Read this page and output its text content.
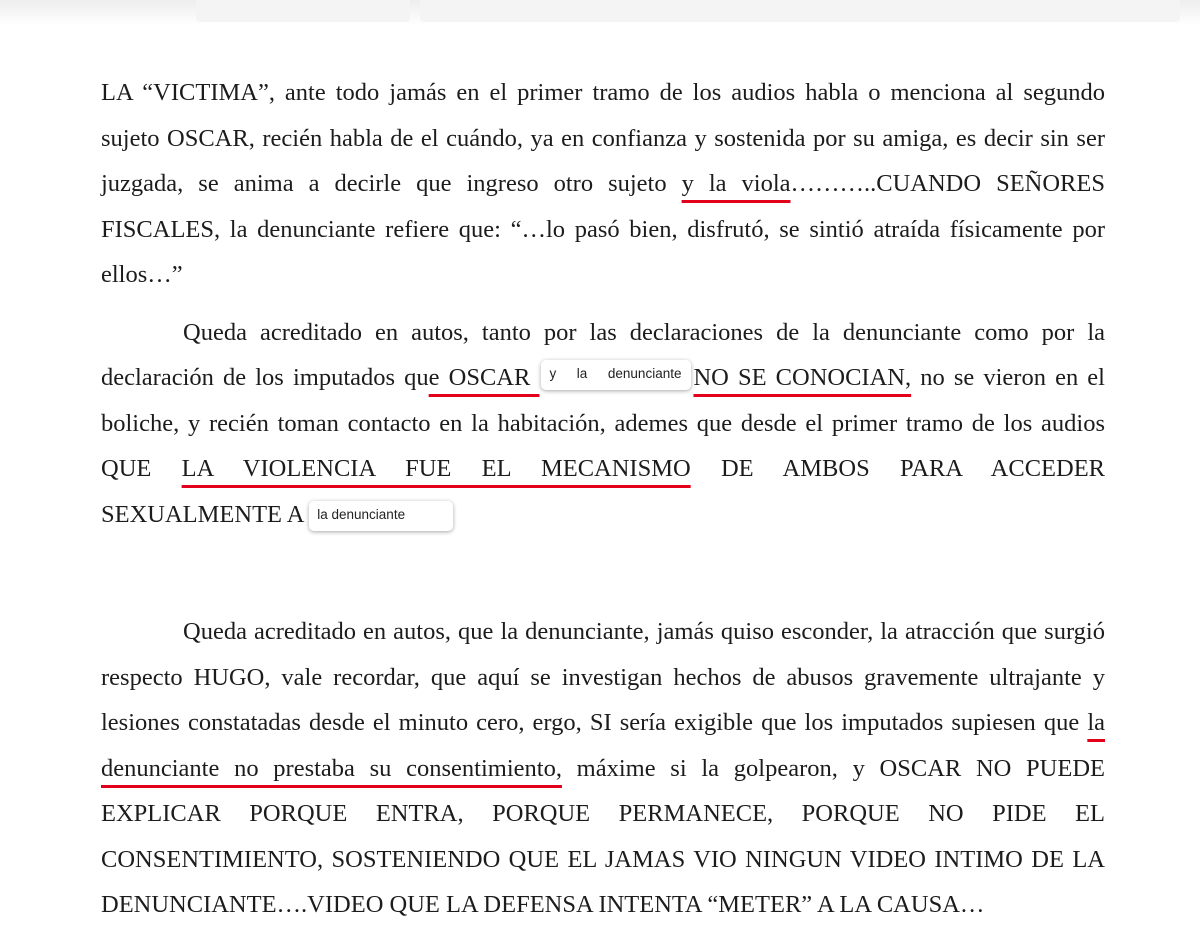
LA “VICTIMA”, ante todo jamás en el primer tramo de los audios habla o menciona al segundo sujeto OSCAR, recién habla de el cuándo, ya en confianza y sostenida por su amiga, es decir sin ser juzgada, se anima a decirle que ingreso otro sujeto y la viola………..CUANDO SEÑORES FISCALES, la denunciante refiere que: “…lo pasó bien, disfrutó, se sintió atraída físicamente por ellos…”

Queda acreditado en autos, tanto por las declaraciones de la denunciante como por la declaración de los imputados que OSCAR y la denunciante NO SE CONOCIAN, no se vieron en el boliche, y recién toman contacto en la habitación, ademes que desde el primer tramo de los audios QUE LA VIOLENCIA FUE EL MECANISMO DE AMBOS PARA ACCEDER

SEXUALMENTE A la denunciante

Queda acreditado en autos, que la denunciante, jamás quiso esconder, la atracción que surgió respecto HUGO, vale recordar, que aquí se investigan hechos de abusos gravemente ultrajante y lesiones constatadas desde el minuto cero, ergo, SI sería exigible que los imputados supiesen que la denunciante no prestaba su consentimiento, máxime si la golpearon, y OSCAR NO PUEDE EXPLICAR PORQUE ENTRA, PORQUE PERMANECE, PORQUE NO PIDE EL CONSENTIMIENTO, SOSTENIENDO QUE EL JAMAS VIO NINGUN VIDEO INTIMO DE LA DENUNCIANTE….VIDEO QUE LA DEFENSA INTENTA “METER” A LA CAUSA…
